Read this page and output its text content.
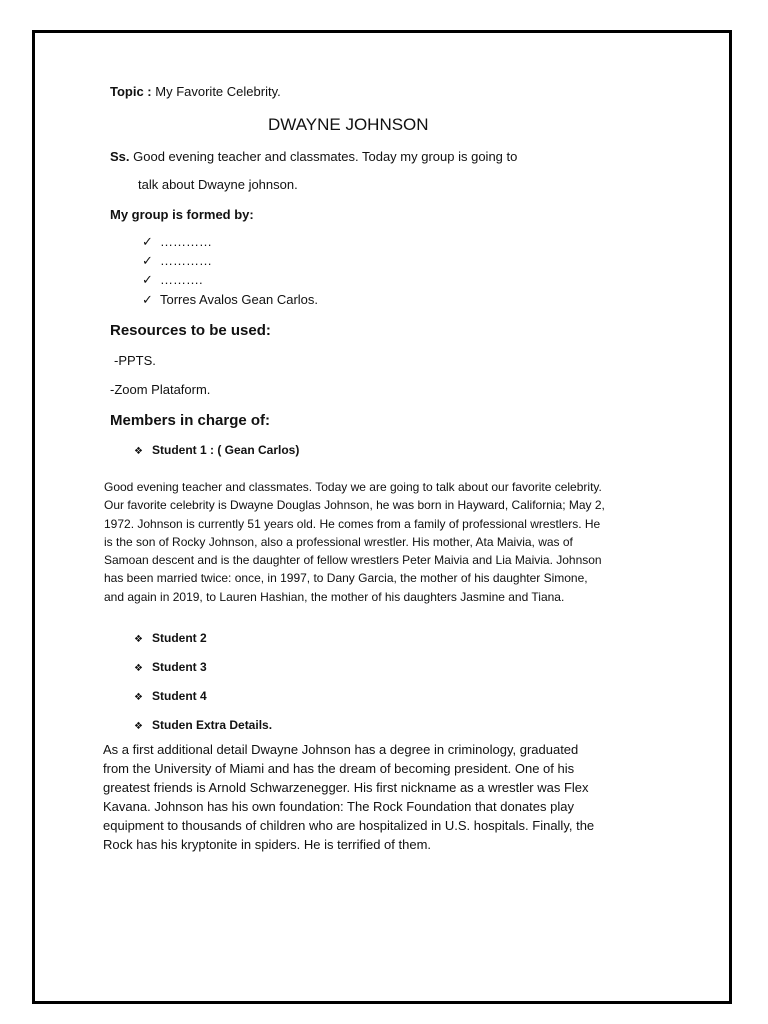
Topic : My Favorite Celebrity.
DWAYNE JOHNSON
Ss. Good evening teacher and classmates. Today my group is going to
talk about Dwayne johnson.
My group is formed by:
✓ …………
✓ …………
✓ ……….
✓ Torres Avalos Gean Carlos.
Resources to be used:
-PPTS.
-Zoom Plataform.
Members in charge of:
❖ Student 1 : ( Gean Carlos)

Good evening teacher and classmates. Today we are going to talk about our favorite celebrity.

Our favorite celebrity is Dwayne Douglas Johnson, he was born in Hayward, California; May 2,

1972. Johnson is currently 51 years old. He comes from a family of professional wrestlers. He

is the son of Rocky Johnson, also a professional wrestler. His mother, Ata Maivia, was of

Samoan descent and is the daughter of fellow wrestlers Peter Maivia and Lia Maivia. Johnson

has been married twice: once, in 1997, to Dany Garcia, the mother of his daughter Simone,

and again in 2019, to Lauren Hashian, the mother of his daughters Jasmine and Tiana.

❖ Student 2
❖ Student 3
❖ Student 4
❖ Studen Extra Details.

As a first additional detail Dwayne Johnson has a degree in criminology, graduated

from the University of Miami and has the dream of becoming president. One of his

greatest friends is Arnold Schwarzenegger. His first nickname as a wrestler was Flex

Kavana. Johnson has his own foundation: The Rock Foundation that donates play

equipment to thousands of children who are hospitalized in U.S. hospitals. Finally, the

Rock has his kryptonite in spiders. He is terrified of them.
